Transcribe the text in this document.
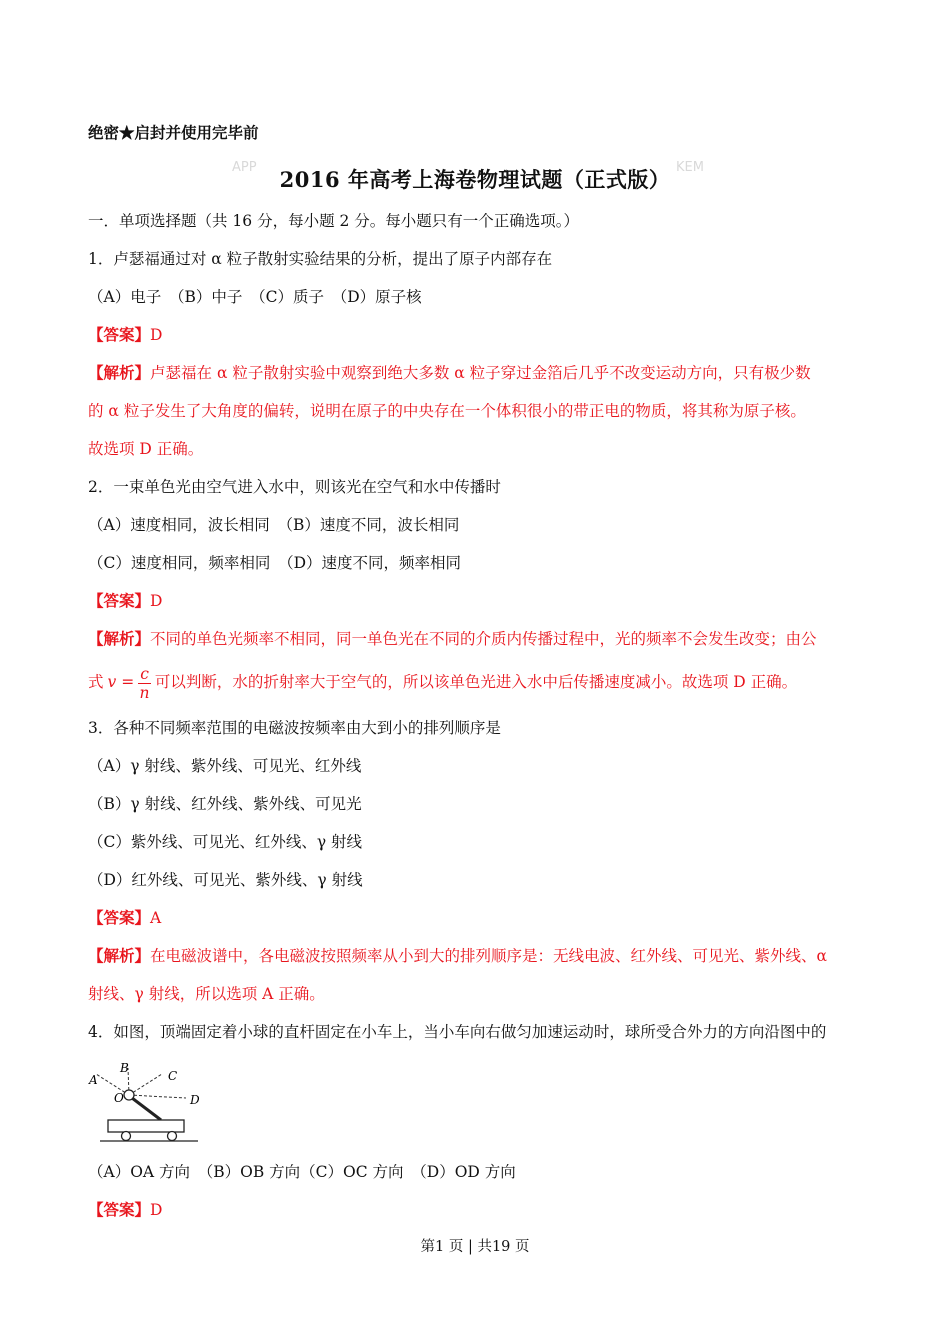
绝密★启封并使用完毕前
APP	KEM
2016 年高考上海卷物理试题（正式版）
一．单项选择题（共 16 分，每小题 2 分。每小题只有一个正确选项。）
1．卢瑟福通过对 α 粒子散射实验结果的分析，提出了原子内部存在
（A）电子　（B）中子　（C）质子　（D）原子核
【答案】D
【解析】卢瑟福在 α 粒子散射实验中观察到绝大多数 α 粒子穿过金箔后几乎不改变运动方向，只有极少数
的 α 粒子发生了大角度的偏转，说明在原子的中央存在一个体积很小的带正电的物质，将其称为原子核。
故选项 D 正确。
2．一束单色光由空气进入水中，则该光在空气和水中传播时
（A）速度相同，波长相同　（B）速度不同，波长相同
（C）速度相同，频率相同　（D）速度不同，频率相同
【答案】D
【解析】不同的单色光频率不相同，同一单色光在不同的介质内传播过程中，光的频率不会发生改变；由公
式 $v = \frac{c}{n}$ 可以判断，水的折射率大于空气的，所以该单色光进入水中后传播速度减小。故选项 D 正确。
3．各种不同频率范围的电磁波按频率由大到小的排列顺序是
（A）γ 射线、紫外线、可见光、红外线
（B）γ 射线、红外线、紫外线、可见光
（C）紫外线、可见光、红外线、γ 射线
（D）红外线、可见光、紫外线、γ 射线
【答案】A
【解析】在电磁波谱中，各电磁波按照频率从小到大的排列顺序是：无线电波、红外线、可见光、紫外线、α
射线、γ 射线，所以选项 A 正确。
4．如图，顶端固定着小球的直杆固定在小车上，当小车向右做匀加速运动时，球所受合外力的方向沿图中的
A
B
C
D
O
（A）OA 方向　（B）OB 方向（C）OC 方向　（D）OD 方向
【答案】D
第1 页 | 共19 页
